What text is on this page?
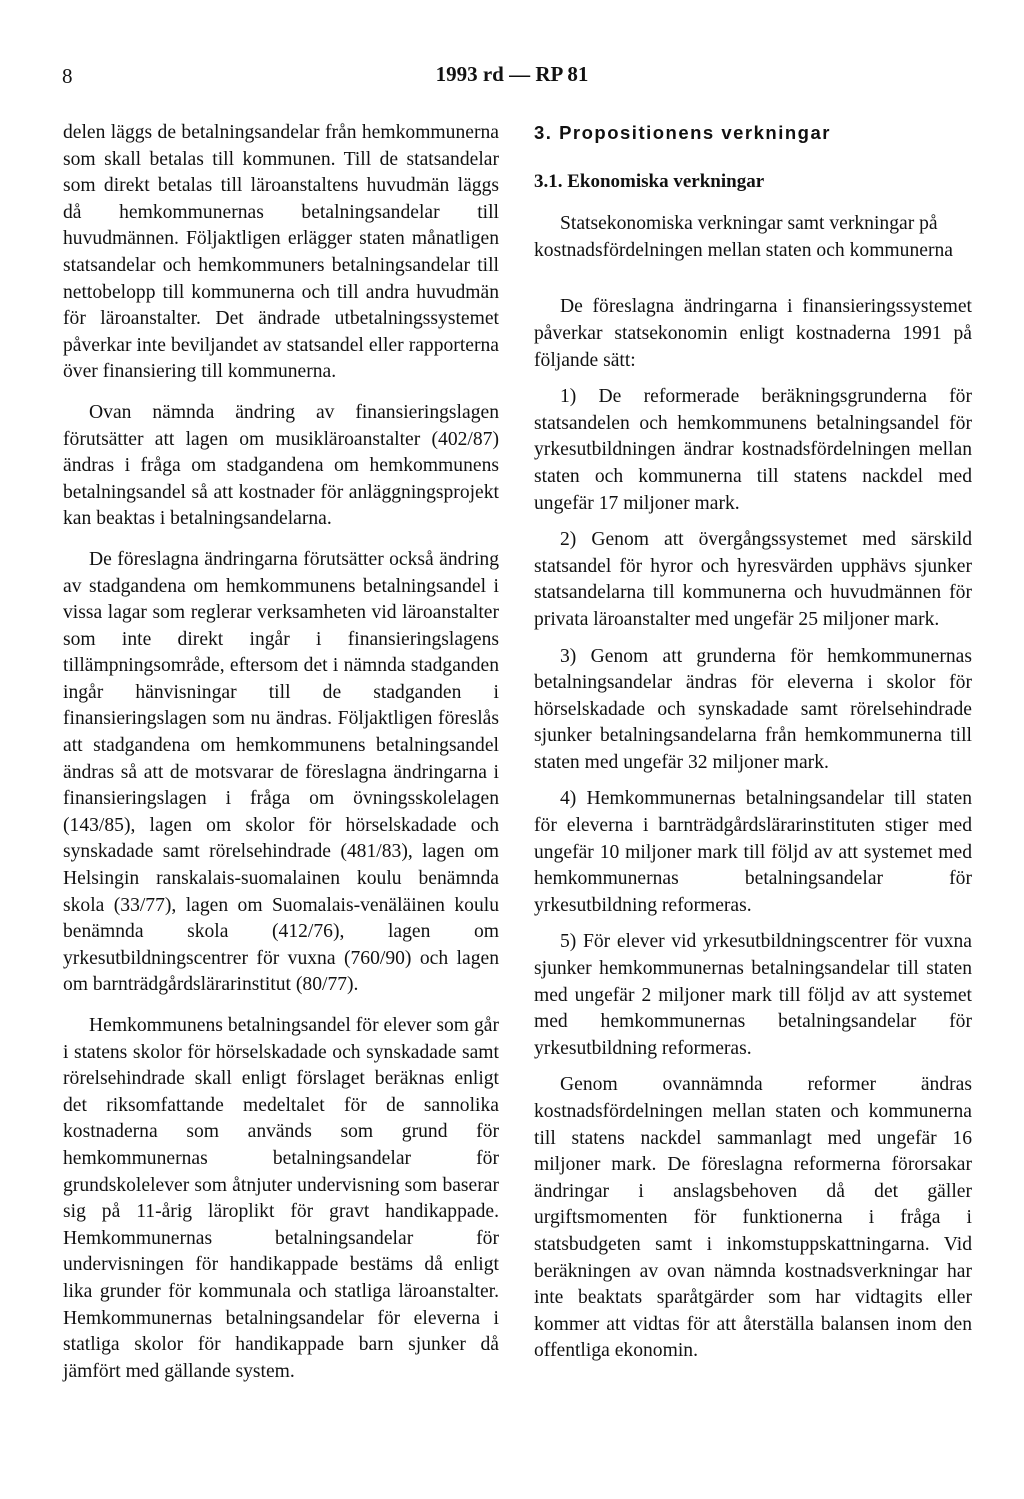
8	1993 rd — RP 81

delen läggs de betalningsandelar från hemkommunerna som skall betalas till kommunen. Till de statsandelar som direkt betalas till läroanstaltens huvudmän läggs då hemkommunernas betalningsandelar till huvudmännen. Följaktligen erlägger staten månatligen statsandelar och hemkommuners betalningsandelar till nettobelopp till kommunerna och till andra huvudmän för läroanstalter. Det ändrade utbetalningssystemet påverkar inte beviljandet av statsandel eller rapporterna över finansiering till kommunerna.

Ovan nämnda ändring av finansieringslagen förutsätter att lagen om musikläroanstalter (402/87) ändras i fråga om stadgandena om hemkommunens betalningsandel så att kostnader för anläggningsprojekt kan beaktas i betalningsandelarna.

De föreslagna ändringarna förutsätter också ändring av stadgandena om hemkommunens betalningsandel i vissa lagar som reglerar verksamheten vid läroanstalter som inte direkt ingår i finansieringslagens tillämpningsområde, eftersom det i nämnda stadganden ingår hänvisningar till de stadganden i finansieringslagen som nu ändras. Följaktligen föreslås att stadgandena om hemkommunens betalningsandel ändras så att de motsvarar de föreslagna ändringarna i finansieringslagen i fråga om övningsskolelagen (143/85), lagen om skolor för hörselskadade och synskadade samt rörelsehindrade (481/83), lagen om Helsingin ranskalais-suomalainen koulu benämnda skola (33/77), lagen om Suomalais-venäläinen koulu benämnda skola (412/76), lagen om yrkesutbildningscentrer för vuxna (760/90) och lagen om barnträdgårdslärarinstitut (80/77).

Hemkommunens betalningsandel för elever som går i statens skolor för hörselskadade och synskadade samt rörelsehindrade skall enligt förslaget beräknas enligt det riksomfattande medeltalet för de sannolika kostnaderna som används som grund för hemkommunernas betalningsandelar för grundskolelever som åtnjuter undervisning som baserar sig på 11-årig läroplikt för gravt handikappade. Hemkommunernas betalningsandelar för undervisningen för handikappade bestäms då enligt lika grunder för kommunala och statliga läroanstalter. Hemkommunernas betalningsandelar för eleverna i statliga skolor för handikappade barn sjunker då jämfört med gällande system.

3. Propositionens verkningar
3.1. Ekonomiska verkningar

Statsekonomiska verkningar samt verkningar på kostnadsfördelningen mellan staten och kommunerna

De föreslagna ändringarna i finansieringssystemet påverkar statsekonomin enligt kostnaderna 1991 på följande sätt:

1) De reformerade beräkningsgrunderna för statsandelen och hemkommunens betalningsandel för yrkesutbildningen ändrar kostnadsfördelningen mellan staten och kommunerna till statens nackdel med ungefär 17 miljoner mark.

2) Genom att övergångssystemet med särskild statsandel för hyror och hyresvärden upphävs sjunker statsandelarna till kommunerna och huvudmännen för privata läroanstalter med ungefär 25 miljoner mark.

3) Genom att grunderna för hemkommunernas betalningsandelar ändras för eleverna i skolor för hörselskadade och synskadade samt rörelsehindrade sjunker betalningsandelarna från hemkommunerna till staten med ungefär 32 miljoner mark.

4) Hemkommunernas betalningsandelar till staten för eleverna i barnträdgårdslärarinstituten stiger med ungefär 10 miljoner mark till följd av att systemet med hemkommunernas betalningsandelar för yrkesutbildning reformeras.

5) För elever vid yrkesutbildningscentrer för vuxna sjunker hemkommunernas betalningsandelar till staten med ungefär 2 miljoner mark till följd av att systemet med hemkommunernas betalningsandelar för yrkesutbildning reformeras.

Genom ovannämnda reformer ändras kostnadsfördelningen mellan staten och kommunerna till statens nackdel sammanlagt med ungefär 16 miljoner mark. De föreslagna reformerna förorsakar ändringar i anslagsbehoven då det gäller urgiftsmomenten för funktionerna i fråga i statsbudgeten samt i inkomstuppskattningarna. Vid beräkningen av ovan nämnda kostnadsverkningar har inte beaktats sparåtgärder som har vidtagits eller kommer att vidtas för att återställa balansen inom den offentliga ekonomin.
